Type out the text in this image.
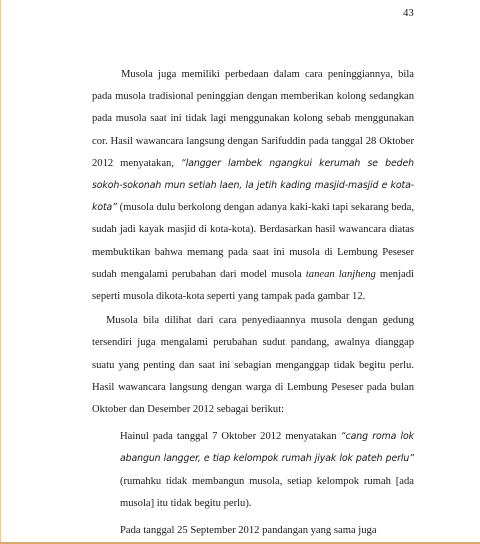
43

Musola juga memiliki perbedaan dalam cara peninggiannya, bila pada musola tradisional peninggian dengan memberikan kolong sedangkan pada musola saat ini tidak lagi menggunakan kolong sebab menggunakan cor. Hasil wawancara langsung dengan Sarifuddin pada tanggal 28 Oktober 2012 menyatakan, “langger lambek ngangkui kerumah se bedeh sokoh-sokonah mun setiah laen, la jetih kading masjid-masjid e kota-kota” (musola dulu berkolong dengan adanya kaki-kaki tapi sekarang beda, sudah jadi kayak masjid di kota-kota). Berdasarkan hasil wawancara diatas membuktikan bahwa memang pada saat ini musola di Lembung Peseser sudah mengalami perubahan dari model musola tanean lanjheng menjadi seperti musola dikota-kota seperti yang tampak pada gambar 12.

Musola bila dilihat dari cara penyediaannya musola dengan gedung tersendiri juga mengalami perubahan sudut pandang, awalnya dianggap suatu yang penting dan saat ini sebagian menganggap tidak begitu perlu. Hasil wawancara langsung dengan warga di Lembung Peseser pada bulan Oktober dan Desember 2012 sebagai berikut:

Hainul pada tanggal 7 Oktober 2012 menyatakan “cang roma lok abangun langger, e tiap kelompok rumah jiyak lok pateh perlu” (rumahku tidak membangun musola, setiap kelompok rumah [ada musola] itu tidak begitu perlu).

Pada tanggal 25 September 2012 pandangan yang sama juga
